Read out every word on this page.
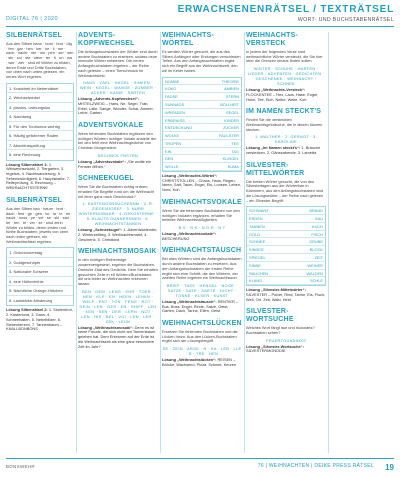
DIGITAL 76 | 2020
ERWACHSENENRÄTSEL / TEXTRÄTSEL
WORT- UND BUCHSTABENRÄTSEL
SILBENRÄTSEL
Aus den Silben bahn · bom · brot · dig · fen · gar · hen · ker · ke · li · me · nach · nacht · ner · nis · pen · ser · sen · sin · sol · ste · stem · ter · ti · un · wa · wer · zier · sind elf Wörter zu bilden, deren Erste und Dritte Buchstaben, von oben nach unten gelesen, ein neues Wort ergeben.
1. Krankheit im Nebenrätsel
2. Wechselwinkel
3. planlos, ordnungslos
4. Nachtweg
5. Für den Tourismus wichtig
6. Häufig gefahrener Raden
7. Abschlussprüfung
8. eine Rechnung
Lösung Silbenrätsel 1: 1. Wildwechselzahl, 2. Tiergarten, 3. regellos, 4. Nachtwanderung, 5. Sehenswürdigkeit, 6. Hauptstraße, 7. Reifeprüfung, 8. Rechnung – WEIHNACHTSSTERNE
SILBENRÄTSEL
Aus den Silben bau · baum · brot · dach · fest · ge · gen · ko · la · le · mi · nacht · nuss · pe · sel · se · ski · stal · ter · ten · tri · ver · ze · sind zehn Wörter zu bilden, deren ersten und fünfte Buchstaben, jeweils von oben nach unten gelesen, ein Weihnachtsrätsel ergeben.
1. Gründonnerstag
2. Goldgeschöpfe
3. Nationaler Schwere
4. eine Hüttenhöhle
5. Nächtliche Orange-Hütchen
6. Lautstärke-Minderung
Lösung Silbenrätsel 2: 1. Stollenbrot, 2. Kastenbrot, 3. Gans, 4. Schneeballen, 5. Nebelbilder, 6. Siebenkerzen, 7. Tannenbaum – KNALLBONBONS
ADVENTS-KOPFWECHSEL
Die Anfangsbuchstaben der Wörter sind durch andere Buchstaben zu ersetzen, sodass neue sinnvolle Wörter entstehen. Die neuen Anfangsbuchstaben ergeben – der Reihe nach gelesen – einen Tierschmuck im Weihnachtsfest.
HANS · ZAEL · HAGEL · SINKEN · WEIN · KEGEL · WANGE · ZOMBER · ACKER · KAINE · SARTEN
Lösung „Advents-Kopfwechsel“: MISTELZWEIG – Hans, Ne, Segel, Trab, Erkel, Laile, Sange, Wonder, Schar, Ammer, Leine, Garten
ADVENTSVOKALE
Wenn fehlenden Buchstaben ergänzen den richtigen Wörtern richtiger Vokale anstelle der bei den fehlt eine Weihnachtsgedichte von Christian Morgenstern.
BSCHNCK FNSTRN
Lösung „Adventsvokale“: „Sie wollte ein Fenster öffnen.“
SCHNEEKUGEL
Wenn Sie die Buchstaben richtig ordnen, erhalten Sie Begriffe rund um die Weihnacht mit einer ganz nach Geschmack?
1. KASTENGSNSUCHENNM · 2. R. ZIEGENJOSEF · 3. NURR WINTERNOBMAR · 4. DEKOSTERNE · 5. KLAUTS DUNNERNNEN · 6. WEIHNACHTSTANNEN
Lösung „Schneekugel“: 1. Adventskalender, 2. Winterzeitlieg, 3. Weihnachtsmarkt, 4. Geschenk, 5. Christkind
WEIHNACHTSMOSAIK
In den richtigen Reihenfolge zusammengesetzt, ergeben die Buchstaben-Dreiecke Zitat des Gedichts. Dem Sie erhalten gesuchten Zeile in elf Wörtern/Buchstaben, die uns leider an Weihnachten erkennen lassen.
BEN · DEM · LENG · EHR · TOER · NEN · KLE · EN · HEEN · LEHKN · WELF · ENT · TON · FENG · ROT · DEIN · LEN · GES · EN · SHIFF · LEH · KEN · SEN · DER · LERN · NOT · LEN · HIS · BEL · VOI · LEN · LEH · ZEK · LEUN
Lösung „Weihnachtsmosaik“: Denn es ist keine Freude, die sich nicht am Tannenbaum geleben hat. Dem Erkennen auf der Erde ist die Weihnachtszeit als eine ganz besondere Zeit im Jahr?
WEIHNACHTS-WÖRTEL
Es werden Wörter gesucht, die aus des Silben-Anfängen oder Endungen verschieden Teilen. Aus den Anfangsbuchstaben ergibt sich ein Begriff aus der Weihnachtszeit, den wir im Keller haben.
NOMBE	THEORIE
KOKO	AMBIEN
FADSE	STERN
SUNNAGS	BOLLHEIT
WREADEN	SEGEL
ERBRAISS	KINDER
ENTDECKUNG	ZUCKER
WOLKE	FAULSTER
TROPEN	TEE
EIN	TAG
DEN	KLINGEL
WOLLE	KUMA
Lösung „Weihnachts-Wörtel“: CHRISTSTOLLEN – Chaos, Haus, Regen, Ideen, Satt, Taum, Engel, Eis, Lonsee, Leben, Nord, Kuh
WEIHNACHTSVOKALE
Wenn Sie die fehlenden Buchstaben von den richtigen Vokalen ergänzen, erhalten Sie beliebte Weihnachtssüßigkeiten.
B S · N K · N D R · N T
Lösung „Weihnachtsvokale“: BESCHERUNG
WEIHNACHTSTAUSCH
Bei allen Wörtern sind die Anfangsbuchstaben durch andere Buchstaben zu ersetzen. Aus den Anfangsbuchstaben der ersten Reihe ergibt sich eine Schrift, die den Wörtern, der zweiten Reihe ergeben ein Weihnachtswort.
BRIEF · TASS · HENGEL · NOGE · SATZE · SATE · SARTE · DICHT · TONNE · ELSER · KUNST
Lösung „Weihnachtstausch“: RENTIER – Bus, Boss, Engel, Rinde, Satze, Geist, Garten, Dach, Tanne, Elfen, Geist
WEIHNACHTSLÜCKEN
Ersetzen Sie fehlenden Buchstaben und die Lücken hinzu. Aus den Lücken-Buchstaben ergibt sich der Lösungsbegriff.
SE · ZEIN · ARGE · N · KA · LEB · LLE · R · TRE · HEN
Lösung „Weihnachtslücken“: REISEN – Brücke, Wachsend, Pizza, Schnee, Kerzen
WEIHNACHTS-VERSTECK
In jedem der folgenden Verse sind weihnachtliche Wörter versteckt, die Sie hier über die Grenzen hinaus finden sollen.
WINTER · SCHUHE · HARFEN · LIEDER · ADVENTEN · GEDICHTEN · GESCHENKE · WEIHNACHT · SCHNEE
Lösung „Weihnachts-Versteck“: FLOCKENTEE – Hex, Laus, Hase, Engel, Huhn, Tee, Eich, Nelke, Weile, Kuh
IM NAMEN STECKT'S
Finden Sie die versteckten Weihnachtsgebräuche, die in diesen Namen stecken.
1. WALTHER · 2. GERNOT · 3. KAROLINE
Lösung „Im Namen steckt's“: 1. Bräuche verstecken, 2. Gänseabende, 3. Lametta
SILVESTER-MITTELWÖRTER
Die beiden Wörter gesucht, die von den Silvestertagen aus der Wörterliste in Klammern, aus den Anfangsbuchstaben sind die Lösungswörter – der Reihe nach gelesen – ein Silvester-Begriff.
SCHWARZ	BRAND
ERDEN	SAU
TANNEN	KUCH
GOLD	FISCH
SCHNEE	GRUBE
KINDER	BLOCK
SPIEGEL	ZEIT
SINNE	WEIHER
RAUCHEN	WALDEN
KLANG	SCHLE
Lösung „Silvester-Mittelwörter“: SILVESTER – Pulver, Rind, Tanne, Eis, Fisch, Weil, Ort, Zeit, Wald, Heid
SILVESTER-WORTSUCHE
Welches Wort fängt laut und rückwärts? Buchstaben sehen?
FEUERTOUNDNIXS
Lösung „Silvester-Wortsuche“: SILVESTERMONDDIE
BONSWEHR	76 | WEIHNACHTEN | DEIKE PRESS RÄTSEL 19
